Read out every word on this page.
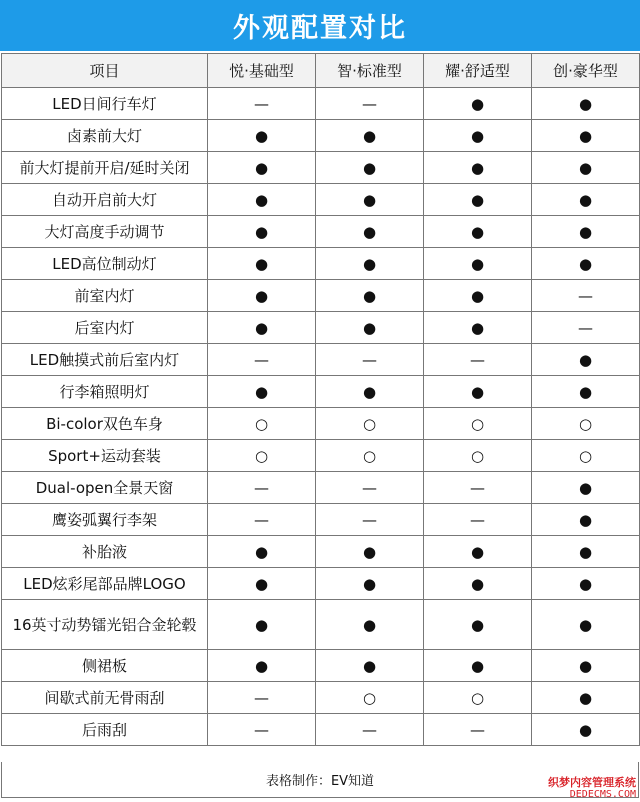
外观配置对比
项目	悦·基础型	智·标准型	耀·舒适型	创·豪华型
LED日间行车灯	—	—	●	●
卤素前大灯	●	●	●	●
前大灯提前开启/延时关闭	●	●	●	●
自动开启前大灯	●	●	●	●
大灯高度手动调节	●	●	●	●
LED高位制动灯	●	●	●	●
前室内灯	●	●	●	—
后室内灯	●	●	●	—
LED触摸式前后室内灯	—	—	—	●
行李箱照明灯	●	●	●	●
Bi-color双色车身	○	○	○	○
Sport+运动套装	○	○	○	○
Dual-open全景天窗	—	—	—	●
鹰姿弧翼行李架	—	—	—	●
补胎液	●	●	●	●
LED炫彩尾部品牌LOGO	●	●	●	●
16英寸动势镭光铝合金轮毂	●	●	●	●
侧裙板	●	●	●	●
间歇式前无骨雨刮	—	○	○	●
后雨刮	—	—	—	●
表格制作：EV知道	织梦内容管理系统
DEDECMS.COM
